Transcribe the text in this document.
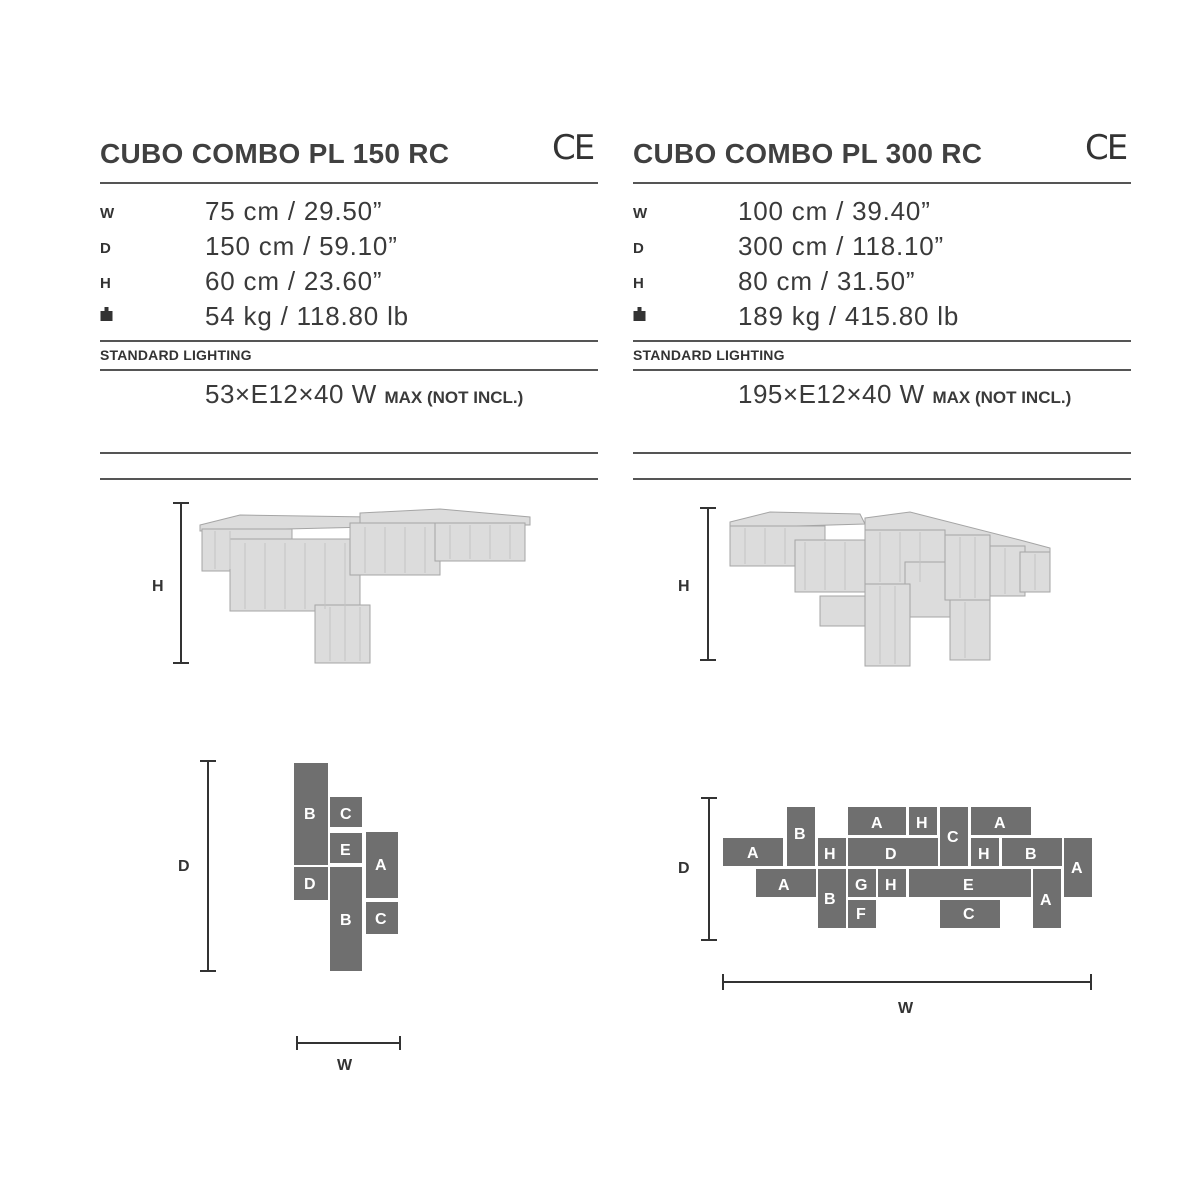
CUBO COMBO PL 150 RC	CE
W	75 cm / 29.50”
D	150 cm / 59.10”
H	60 cm / 23.60”
54 kg / 118.80 lb
STANDARD LIGHTING
53×E12×40 W MAX (NOT INCL.)
H
B C
E
A
D
B C
D
W
CUBO COMBO PL 300 RC	CE
W	100 cm / 39.40”
D	300 cm / 118.10”
H	80 cm / 31.50”
189 kg / 415.80 lb
STANDARD LIGHTING
195×E12×40 W MAX (NOT INCL.)
H
A
B
H
A H
C
A
D	H B
A
A	G H	E
B
F	C
A
D
W
